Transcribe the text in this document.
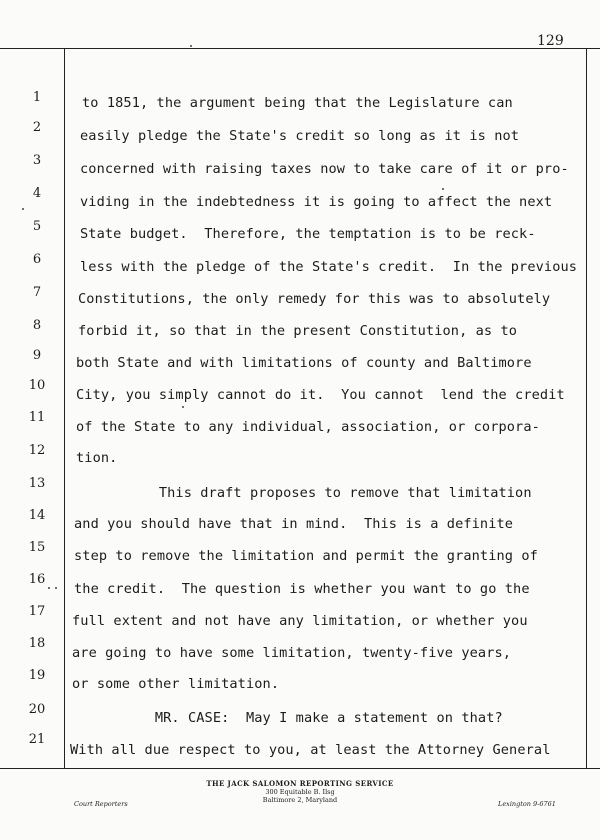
129
1
2
3
4
5
6
7
8
9
10
11
12
13
14
15
16
17
18
19
20
21
to 1851, the argument being that the Legislature can
easily pledge the State's credit so long as it is not
concerned with raising taxes now to take care of it or pro-
viding in the indebtedness it is going to affect the next
State budget.  Therefore, the temptation is to be reck-
less with the pledge of the State's credit.  In the previous
Constitutions, the only remedy for this was to absolutely
forbid it, so that in the present Constitution, as to
both State and with limitations of county and Baltimore
City, you simply cannot do it.  You cannot  lend the credit
of the State to any individual, association, or corpora-
tion.
This draft proposes to remove that limitation
and you should have that in mind.  This is a definite
step to remove the limitation and permit the granting of
the credit.  The question is whether you want to go the
full extent and not have any limitation, or whether you
are going to have some limitation, twenty-five years,
or some other limitation.
MR. CASE:  May I make a statement on that?
With all due respect to you, at least the Attorney General
THE JACK SALOMON REPORTING SERVICE
300 Equitable B. Ilsg
Baltimore 2, Maryland
Court Reporters	Lexington 9-6761
